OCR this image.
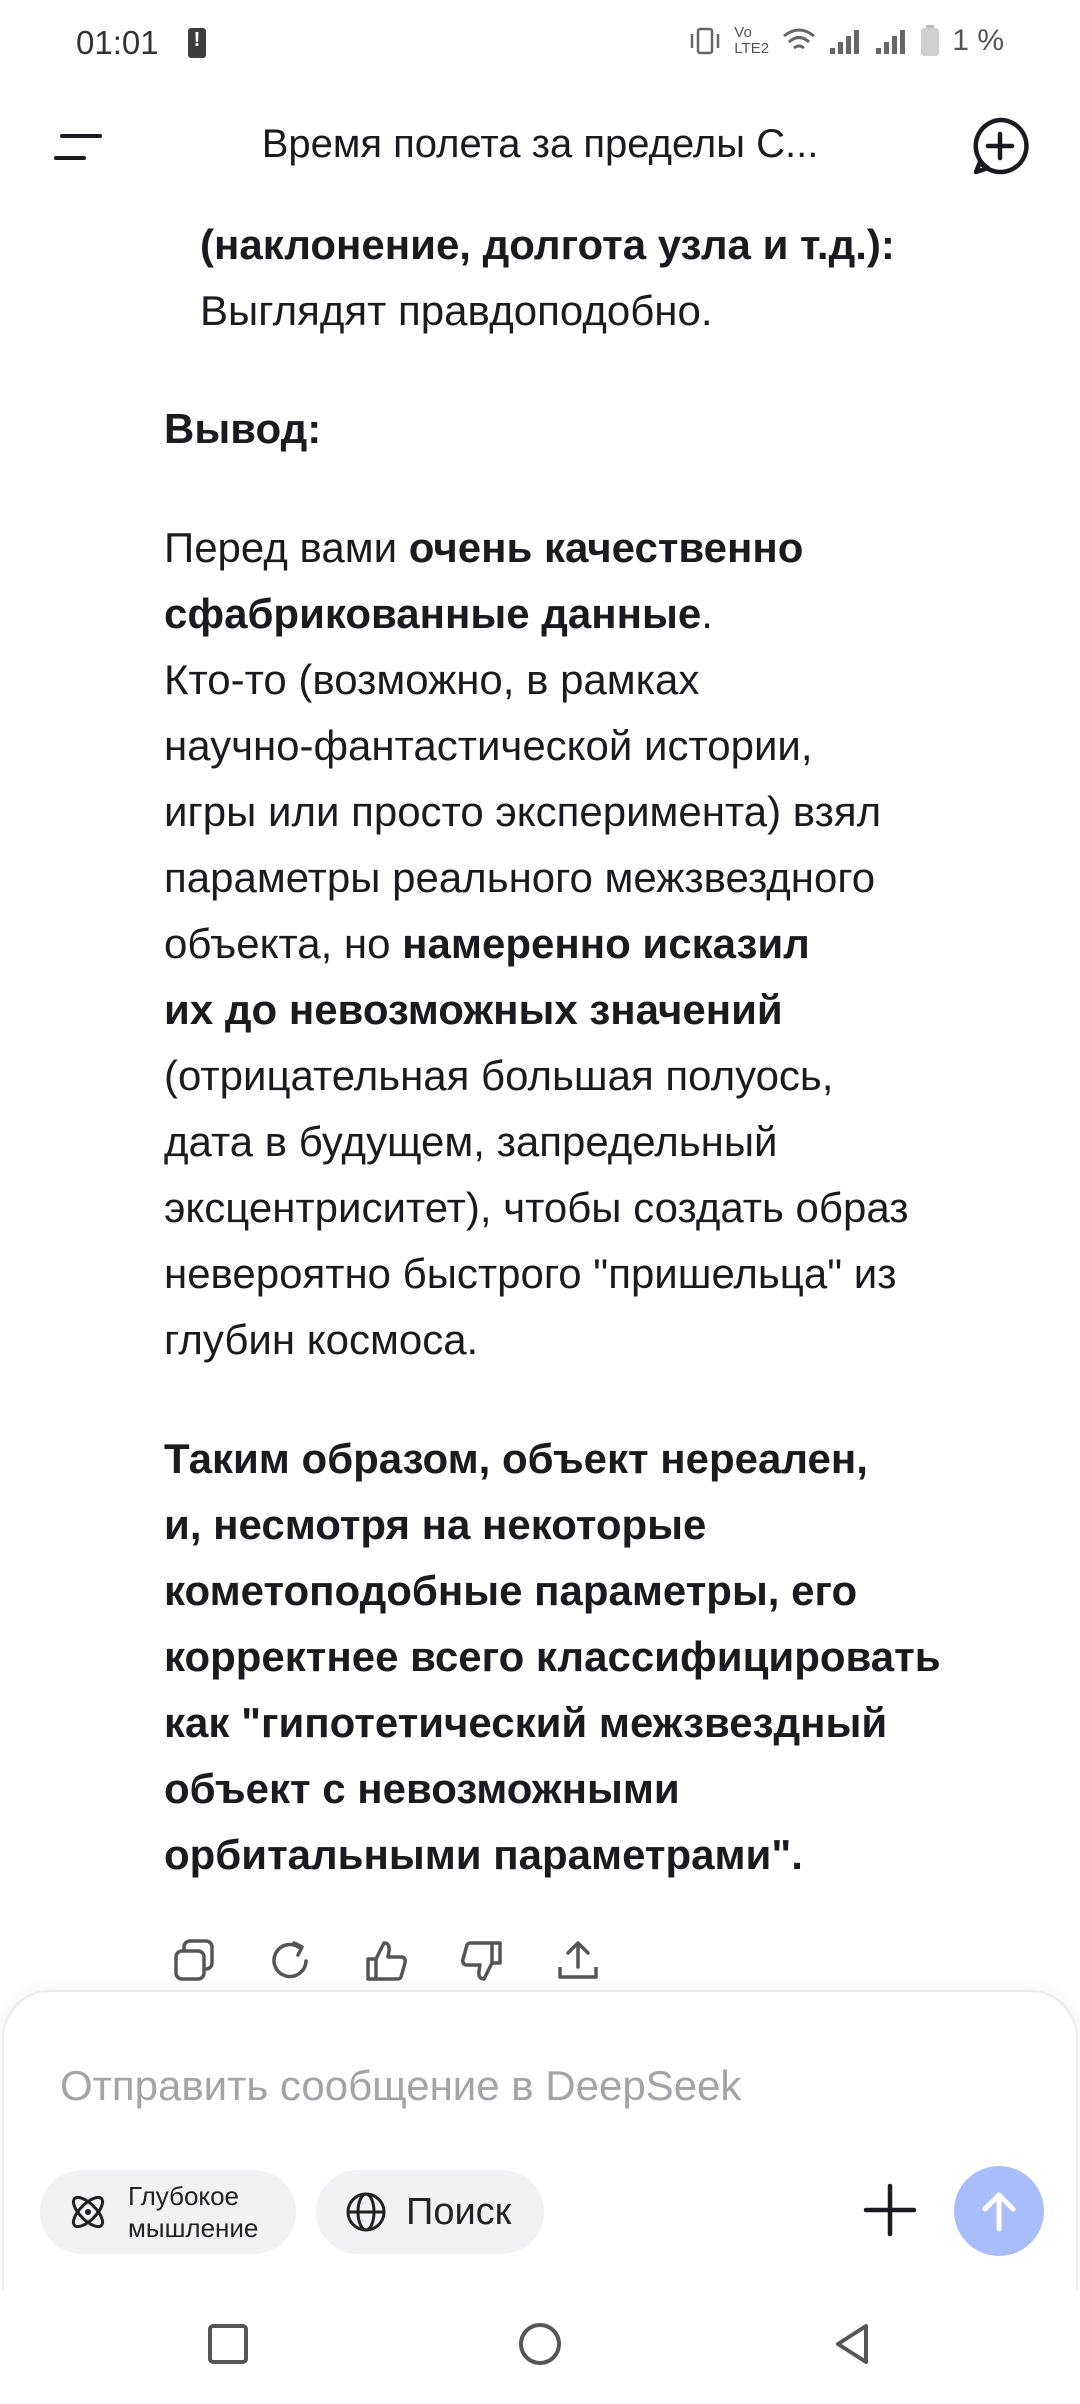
01:01
!	Vo LTE2	1 %
Время полета за пределы С...
(наклонение, долгота узла и т.д.):
Выглядят правдоподобно.
Вывод:
Перед вами очень качественно
сфабрикованные данные.
Кто-то (возможно, в рамках
научно-фантастической истории,
игры или просто эксперимента) взял
параметры реального межзвездного
объекта, но намеренно исказил
их до невозможных значений
(отрицательная большая полуось,
дата в будущем, запредельный
эксцентриситет), чтобы создать образ
невероятно быстрого "пришельца" из
глубин космоса.
Таким образом, объект нереален,
и, несмотря на некоторые
кометоподобные параметры, его
корректнее всего классифицировать
как "гипотетический межзвездный
объект с невозможными
орбитальными параметрами".
Отправить сообщение в DeepSeek
Глубокое мышление	Поиск
